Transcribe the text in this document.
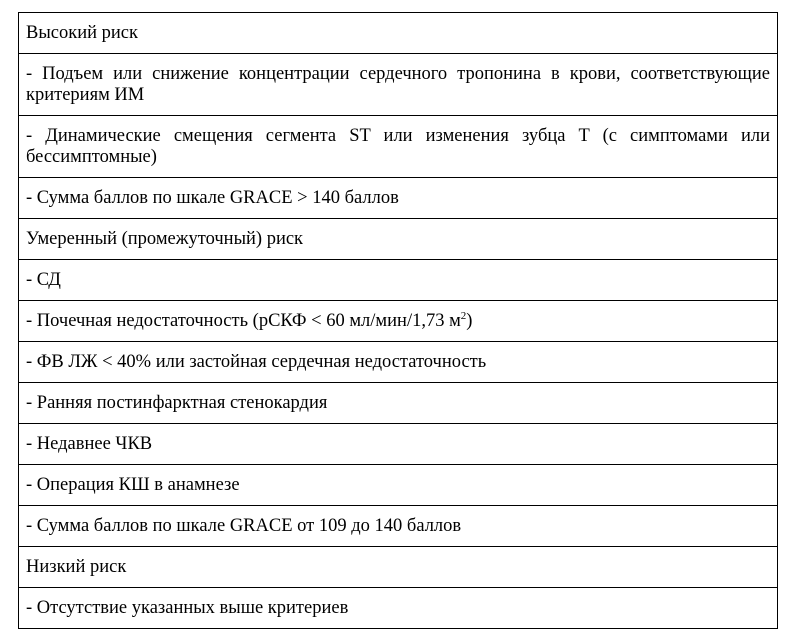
Высокий риск
- Подъем или снижение концентрации сердечного тропонина в крови, соответствующие критериям ИМ
- Динамические смещения сегмента ST или изменения зубца T (с симптомами или бессимптомные)
- Сумма баллов по шкале GRACE > 140 баллов
Умеренный (промежуточный) риск
- СД
- Почечная недостаточность (рСКФ < 60 мл/мин/1,73 $м^2$)
- ФВ ЛЖ < 40% или застойная сердечная недостаточность
- Ранняя постинфарктная стенокардия
- Недавнее ЧКВ
- Операция КШ в анамнезе
- Сумма баллов по шкале GRACE от 109 до 140 баллов
Низкий риск
- Отсутствие указанных выше критериев
